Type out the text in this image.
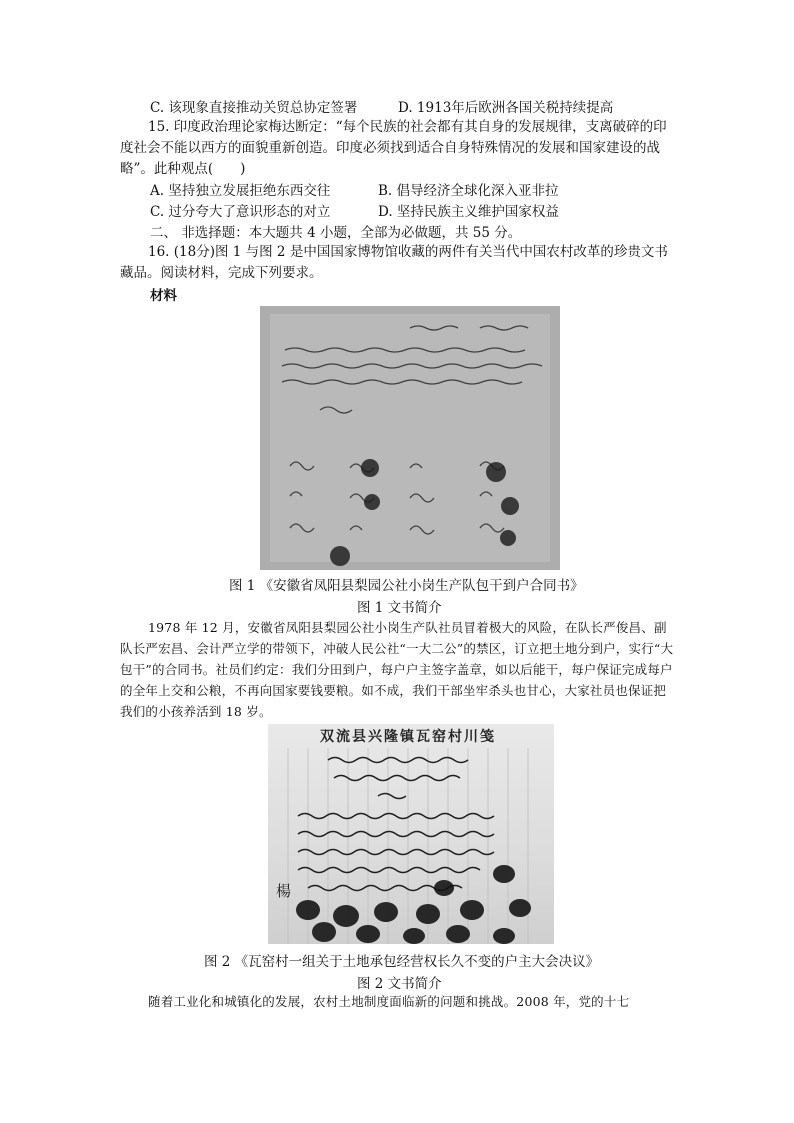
C. 该现象直接推动关贸总协定签署	D. 1913年后欧洲各国关税持续提高
15. 印度政治理论家梅达断定：“每个民族的社会都有其自身的发展规律，支离破碎的印度社会不能以西方的面貌重新创造。印度必须找到适合自身特殊情况的发展和国家建设的战略”。此种观点(　　)
A. 坚持独立发展拒绝东西交往	B. 倡导经济全球化深入亚非拉
C. 过分夸大了意识形态的对立	D. 坚持民族主义维护国家权益
二、 非选择题：本大题共 4 小题，全部为必做题，共 55 分。
16. (18分)图 1 与图 2 是中国国家博物馆收藏的两件有关当代中国农村改革的珍贵文书藏品。阅读材料，完成下列要求。
材料
图 1 《安徽省凤阳县梨园公社小岗生产队包干到户合同书》
图 1 文书简介
1978 年 12 月，安徽省凤阳县梨园公社小岗生产队社员冒着极大的风险，在队长严俊昌、副队长严宏昌、会计严立学的带领下，冲破人民公社“一大二公”的禁区，订立把土地分到户，实行“大包干”的合同书。社员们约定：我们分田到户，每户户主签字盖章，如以后能干，每户保证完成每户的全年上交和公粮，不再向国家要钱要粮。如不成，我们干部坐牢杀头也甘心，大家社员也保证把我们的小孩养活到 18 岁。
双流县兴隆镇瓦窑村川笺
楊
图 2 《瓦窑村一组关于土地承包经营权长久不变的户主大会决议》
图 2 文书简介
随着工业化和城镇化的发展，农村土地制度面临新的问题和挑战。2008 年，党的十七
